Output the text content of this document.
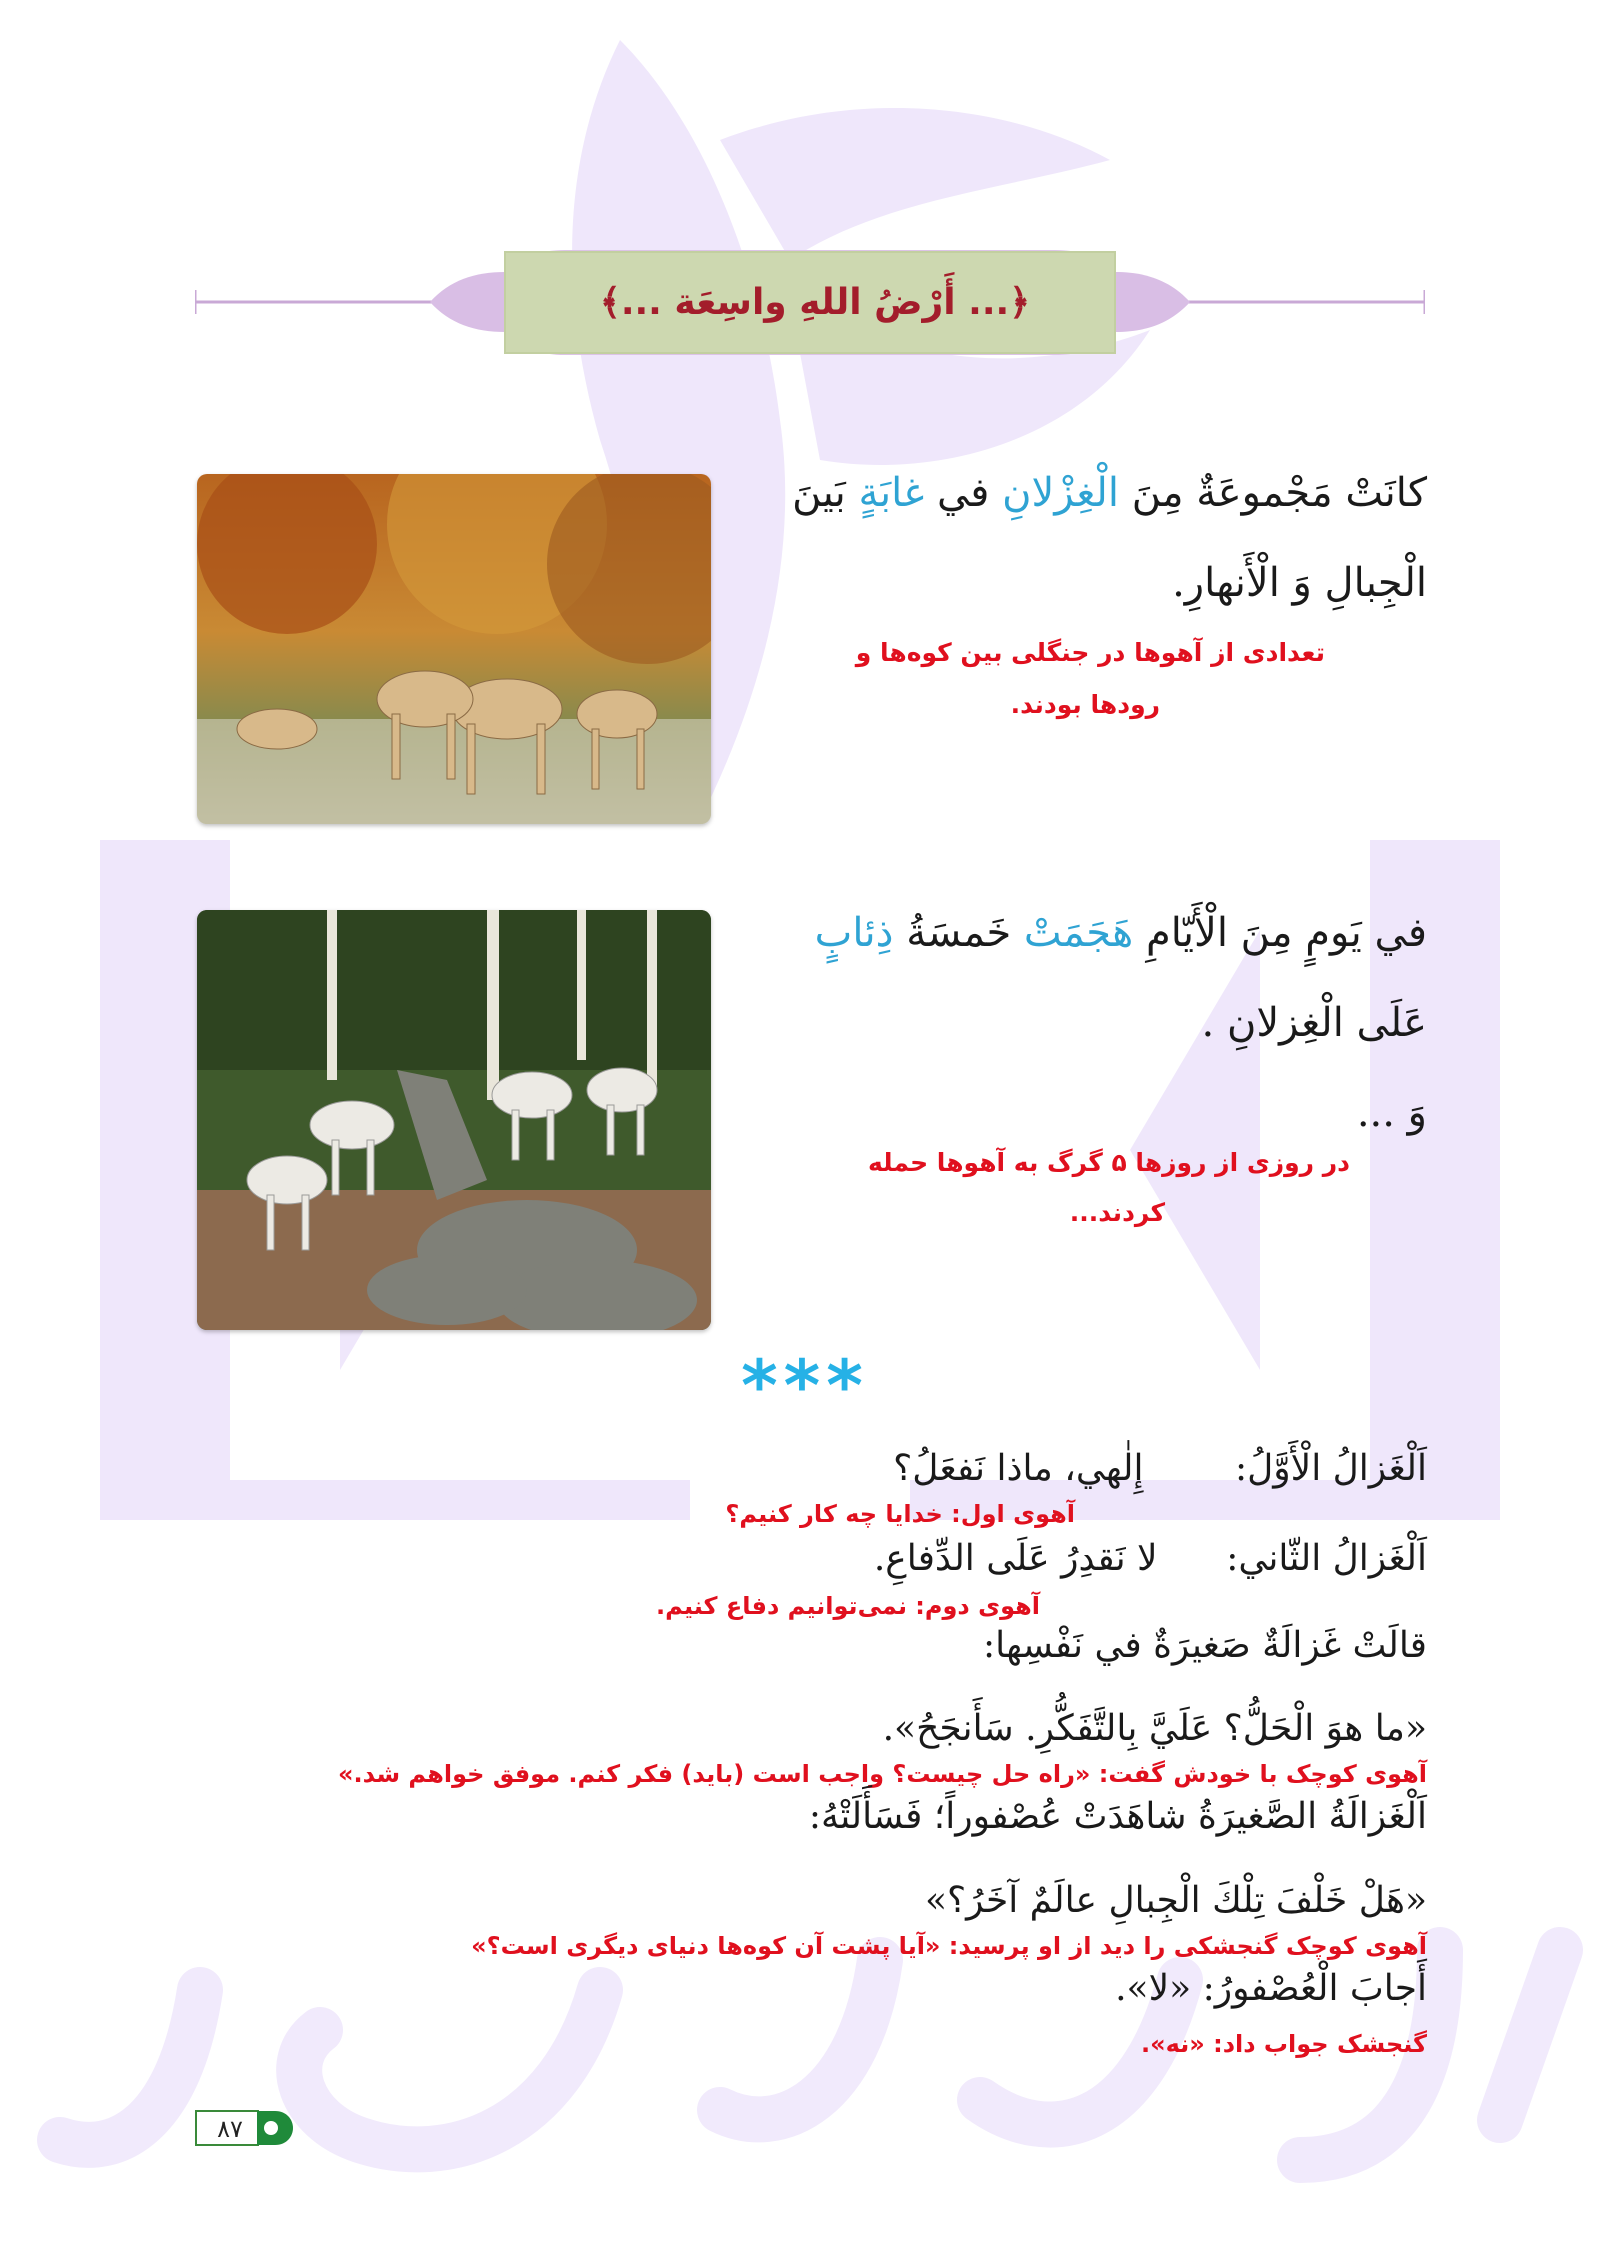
﴿... أَرْضُ اللهِ واسِعَة ...﴾
كانَتْ مَجْموعَةٌ مِنَ الْغِزْلانِ في غابَةٍ بَينَ
الْجِبالِ وَ الْأَنهارِ.
تعدادی از آهوها در جنگلی بین کوه‌ها و
رودها بودند.
في يَومٍ مِنَ الْأَيّامِ هَجَمَتْ خَمسَةُ ذِئابٍ
عَلَى الْغِزلانِ .
وَ ...
در روزی از روزها ۵ گرگ به آهوها حمله
کردند...
***
اَلْغَزالُ الْأَوَّلُ:        إِلٰهي، ماذا نَفعَلُ؟
آهوی اول: خدایا چه کار کنیم؟
اَلْغَزالُ الثّاني:      لا نَقدِرُ عَلَى الدِّفاعِ.
آهوی دوم: نمی‌توانیم دفاع کنیم.
قالَتْ غَزالَةٌ صَغيرَةٌ في نَفْسِها:
«ما هوَ الْحَلُّ؟ عَلَيَّ بِالتَّفَكُّرِ. سَأَنجَحُ».
آهوی کوچک با خودش گفت: «راه حل چیست؟ واجب است (باید) فکر کنم. موفق خواهم شد.»
اَلْغَزالَةُ الصَّغيرَةُ شاهَدَتْ عُصْفوراً؛ فَسَأَلَتْهُ:
«هَلْ خَلْفَ تِلْكَ الْجِبالِ عالَمٌ آخَرُ؟»
آهوی کوچک گنجشکی را دید از او پرسید: «آیا پشت آن کوه‌ها دنیای دیگری است؟»
أَجابَ الْعُصْفورُ: «لا».
گنجشک جواب داد: «نه».
٨٧
